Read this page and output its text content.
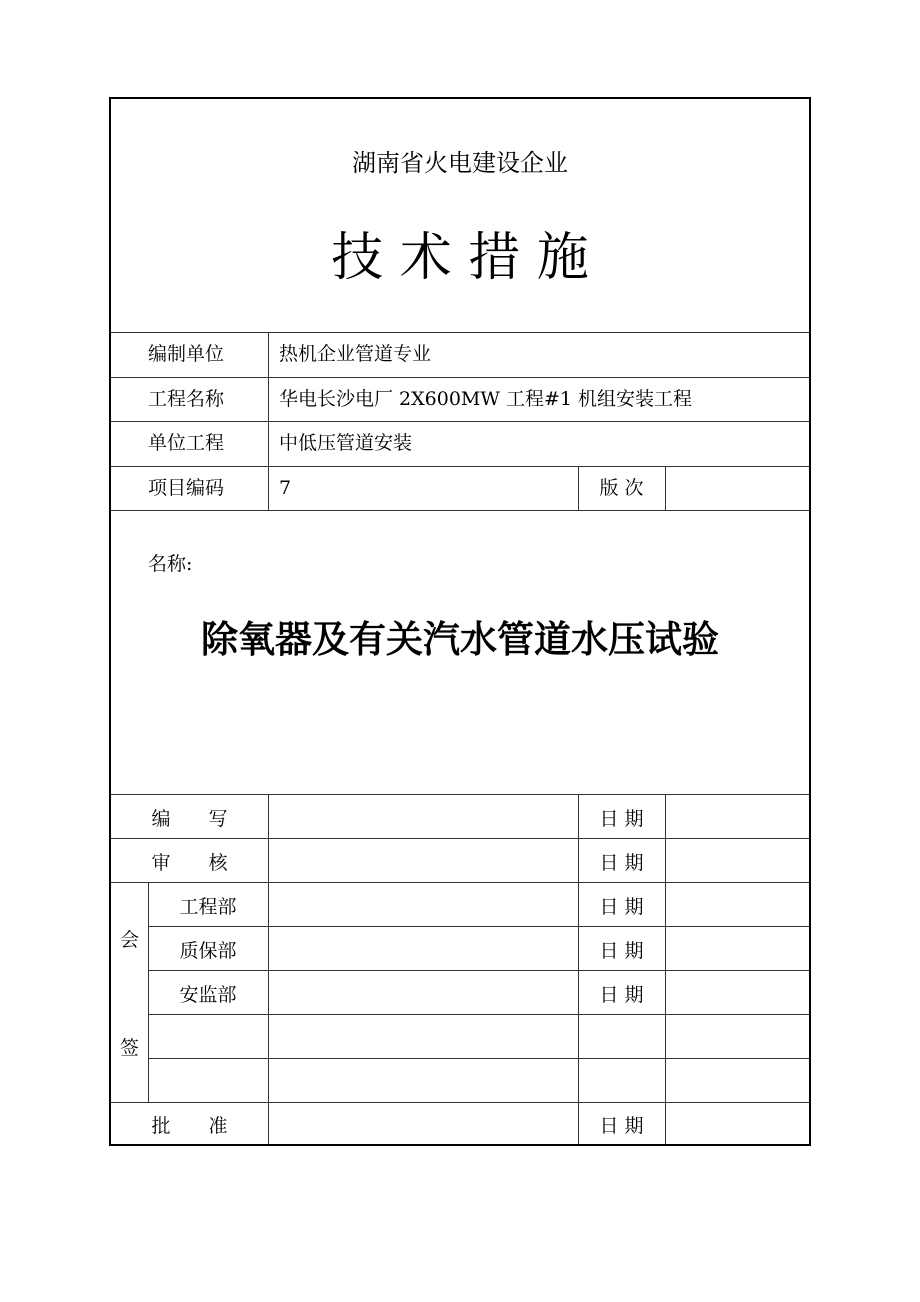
湖南省火电建设企业
技 术 措 施
编制单位	热机企业管道专业
工程名称	华电长沙电厂 2X600MW 工程#1 机组安装工程
单位工程	中低压管道安装
项目编码	7	版 次
名称:
除氧器及有关汽水管道水压试验
编　　写	日 期
审　　核	日 期
会
签
工程部	日 期
质保部	日 期
安监部	日 期
批　　准	日 期
